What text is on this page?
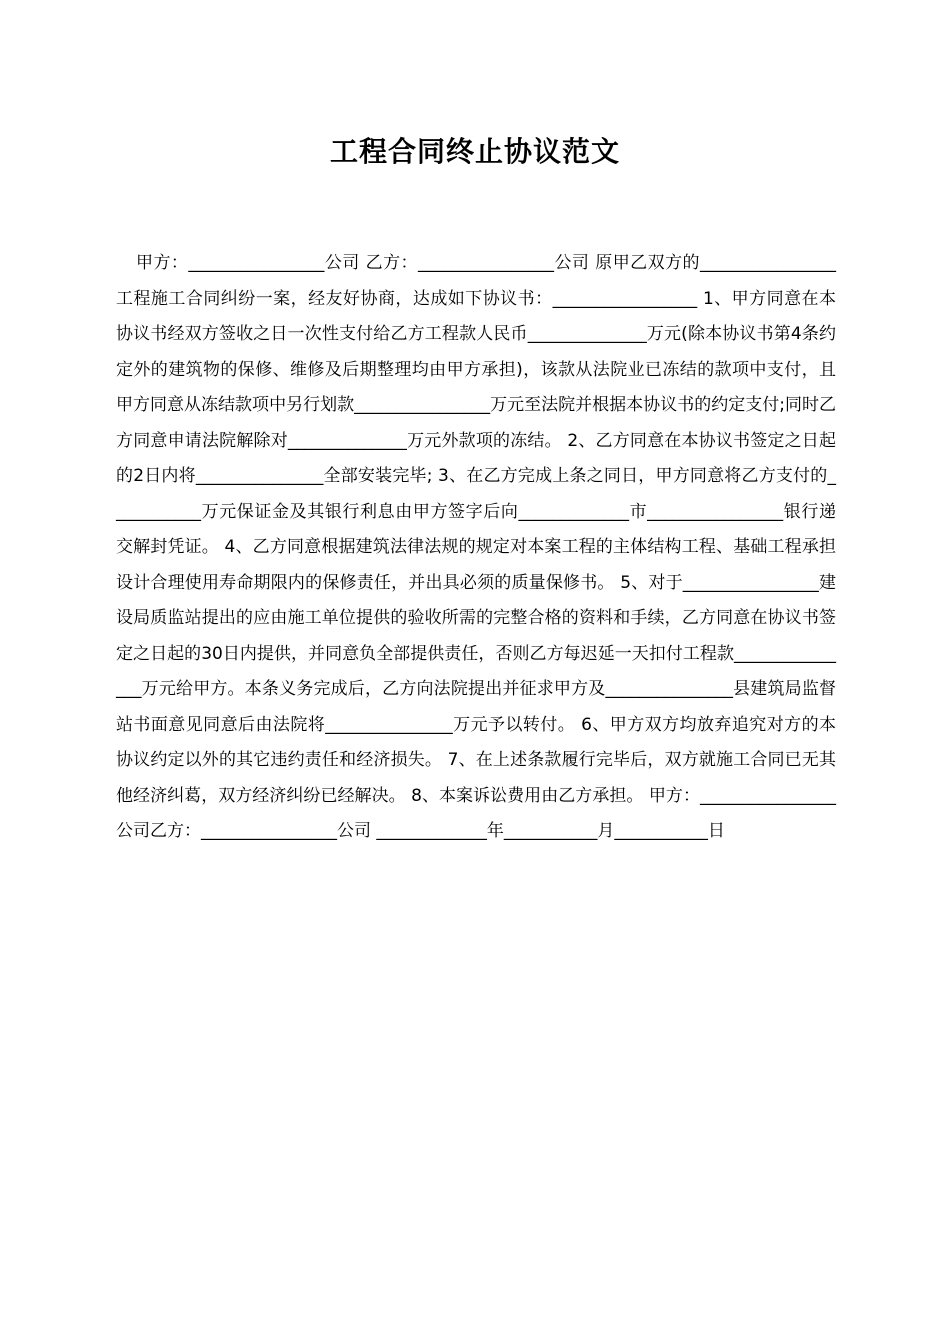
工程合同终止协议范文

甲方：________________公司 乙方：________________公司 原甲乙双方的________________工程施工合同纠纷一案，经友好协商，达成如下协议书：_________________ 1、甲方同意在本协议书经双方签收之日一次性支付给乙方工程款人民币______________万元(除本协议书第4条约定外的建筑物的保修、维修及后期整理均由甲方承担)，该款从法院业已冻结的款项中支付，且甲方同意从冻结款项中另行划款________________万元至法院并根据本协议书的约定支付;同时乙方同意申请法院解除对______________万元外款项的冻结。 2、乙方同意在本协议书签定之日起的2日内将_______________全部安装完毕; 3、在乙方完成上条之同日，甲方同意将乙方支付的___________万元保证金及其银行利息由甲方签字后向_____________市________________银行递交解封凭证。 4、乙方同意根据建筑法律法规的规定对本案工程的主体结构工程、基础工程承担设计合理使用寿命期限内的保修责任，并出具必须的质量保修书。 5、对于________________建设局质监站提出的应由施工单位提供的验收所需的完整合格的资料和手续，乙方同意在协议书签定之日起的30日内提供，并同意负全部提供责任，否则乙方每迟延一天扣付工程款_______________万元给甲方。本条义务完成后，乙方向法院提出并征求甲方及_______________县建筑局监督站书面意见同意后由法院将_______________万元予以转付。 6、甲方双方均放弃追究对方的本协议约定以外的其它违约责任和经济损失。 7、在上述条款履行完毕后，双方就施工合同已无其他经济纠葛，双方经济纠纷已经解决。 8、本案诉讼费用由乙方承担。 甲方：________________公司乙方：________________公司 _____________年___________月___________日
